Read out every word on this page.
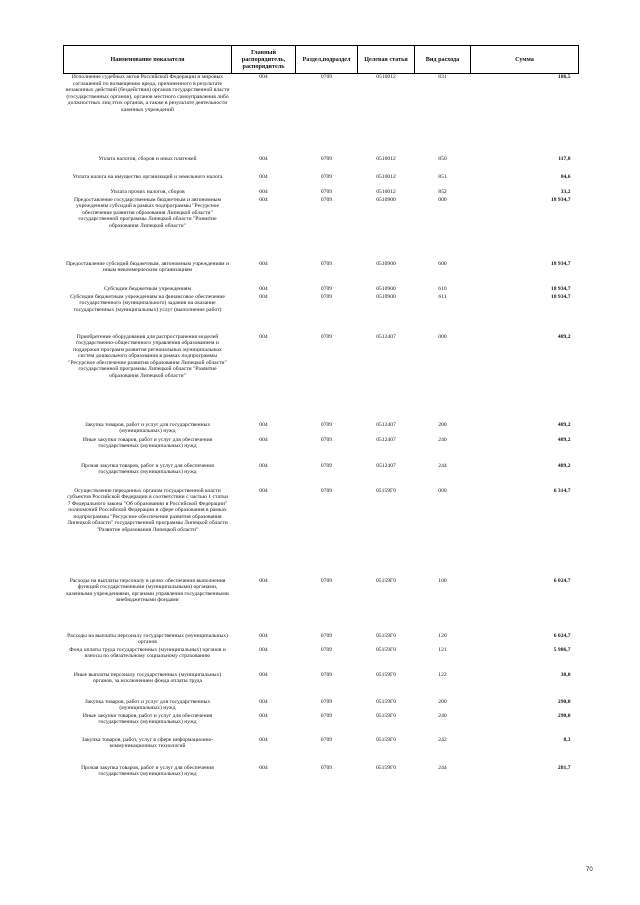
Наименование показателя	Главный распорядитель, распорядитель	Раздел,подраздел	Целевая статья	Вид расхода	Сумма
Исполнение судебных актов Российской Федерации и мировых соглашений по возмещению вреда, причиненного в результате незаконных действий (бездействия) органов государственной власти (государственных органов), органов местного самоуправления либо должностных лиц этих органов, а также в результате деятельности казенных учреждений	004	0709	0510012	831	186,5
Уплата налогов, сборов и иных платежей	004	0709	0510012	850	117,8
Уплата налога на имущество организаций и земельного налога	004	0709	0510012	851	84,6
Уплата прочих налогов, сборов	004	0709	0510012	852	33,2
Предоставление государственным бюджетным и автономным учреждениям субсидий в рамках подпрограммы "Ресурсное обеспечение развития образования Липецкой области" государственной программы Липецкой области "Развитие образования Липецкой области"	004	0709	0510900	000	18 934,7
Предоставление субсидий бюджетным, автономным учреждениям и иным некоммерческим организациям	004	0709	0510900	600	18 934,7
Субсидии бюджетным учреждениям	004	0709	0510900	610	18 934,7
Субсидии бюджетным учреждениям на финансовое обеспечение государственного (муниципального) задания на оказание государственных (муниципальных) услуг (выполнение работ)	004	0709	0510900	611	18 934,7
Приобретение оборудования для распространения моделей государственно-общественного управления образованием и поддержки программ развития региональных муниципальных систем дошкольного образования в рамках подпрограммы "Ресурсное обеспечение развития образования Липецкой области" государственной программы Липецкой области "Развитие образования Липецкой области"	004	0709	0512407	000	489,2
Закупка товаров, работ и услуг для государственных (муниципальных) нужд	004	0709	0512407	200	489,2
Иные закупки товаров, работ и услуг для обеспечения государственных (муниципальных) нужд	004	0709	0512407	240	489,2
Прочая закупка товаров, работ и услуг для обеспечения государственных (муниципальных) нужд	004	0709	0512407	244	489,2
Осуществление переданных органам государственной власти субъектов Российской Федерации в соответствии с частью 1 статьи 7 Федерального закона "Об образовании в Российской Федерации" полномочий Российской Федерации в сфере образования в рамках подпрограммы "Ресурсное обеспечение развития образования Липецкой области" государственной программы Липецкой области "Развитие образования Липецкой области"	004	0709	05159Г0	000	6 314,7
Расходы на выплаты персоналу в целях обеспечения выполнения функций государственными (муниципальными) органами, казенными учреждениями, органами управления государственными внебюджетными фондами	004	0709	05159Г0	100	6 024,7
Расходы на выплаты персоналу государственных (муниципальных) органов	004	0709	05159Г0	120	6 024,7
Фонд оплаты труда государственных (муниципальных) органов и взносы по обязательному социальному страхованию	004	0709	05159Г0	121	5 986,7
Иные выплаты персоналу государственных (муниципальных) органов, за исключением фонда оплаты труда	004	0709	05159Г0	122	38,0
Закупка товаров, работ и услуг для государственных (муниципальных) нужд	004	0709	05159Г0	200	290,0
Иные закупки товаров, работ и услуг для обеспечения государственных (муниципальных) нужд	004	0709	05159Г0	240	290,0
Закупка товаров, работ, услуг в сфере информационно-коммуникационных технологий	004	0709	05159Г0	242	8,3
Прочая закупка товаров, работ и услуг для обеспечения государственных (муниципальных) нужд	004	0709	05159Г0	244	281,7
70
